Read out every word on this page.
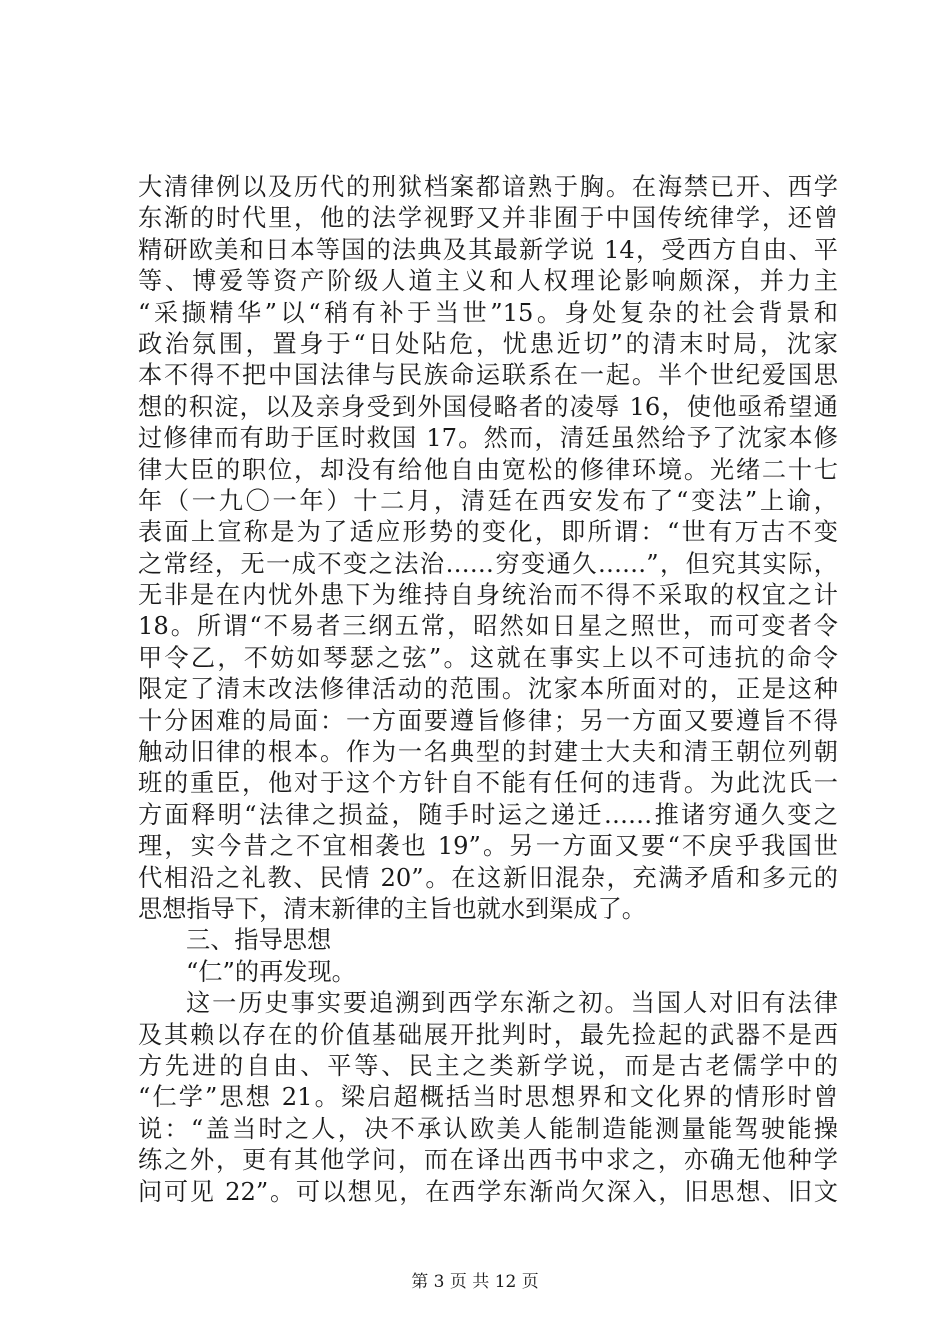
大清律例以及历代的刑狱档案都谙熟于胸。在海禁已开、西学
东渐的时代里，他的法学视野又并非囿于中国传统律学，还曾
精研欧美和日本等国的法典及其最新学说 14，受西方自由、平
等、博爱等资产阶级人道主义和人权理论影响颇深，并力主
“采撷精华”以“稍有补于当世”15。身处复杂的社会背景和
政治氛围，置身于“日处阽危，忧患近切”的清末时局，沈家
本不得不把中国法律与民族命运联系在一起。半个世纪爱国思
想的积淀，以及亲身受到外国侵略者的凌辱 16，使他亟希望通
过修律而有助于匡时救国 17。然而，清廷虽然给予了沈家本修
律大臣的职位，却没有给他自由宽松的修律环境。光绪二十七
年（一九〇一年）十二月，清廷在西安发布了“变法”上谕，
表面上宣称是为了适应形势的变化，即所谓：“世有万古不变
之常经，无一成不变之法治……穷变通久……”，但究其实际，
无非是在内忧外患下为维持自身统治而不得不采取的权宜之计
18。所谓“不易者三纲五常，昭然如日星之照世，而可变者令
甲令乙，不妨如琴瑟之弦”。这就在事实上以不可违抗的命令
限定了清末改法修律活动的范围。沈家本所面对的，正是这种
十分困难的局面：一方面要遵旨修律；另一方面又要遵旨不得
触动旧律的根本。作为一名典型的封建士大夫和清王朝位列朝
班的重臣，他对于这个方针自不能有任何的违背。为此沈氏一
方面释明“法律之损益，随手时运之递迁……推诸穷通久变之
理，实今昔之不宜相袭也 19”。另一方面又要“不戾乎我国世
代相沿之礼教、民情 20”。在这新旧混杂，充满矛盾和多元的
思想指导下，清末新律的主旨也就水到渠成了。
三、指导思想
“仁”的再发现。
这一历史事实要追溯到西学东渐之初。当国人对旧有法律
及其赖以存在的价值基础展开批判时，最先捡起的武器不是西
方先进的自由、平等、民主之类新学说，而是古老儒学中的
“仁学”思想 21。梁启超概括当时思想界和文化界的情形时曾
说：“盖当时之人，决不承认欧美人能制造能测量能驾驶能操
练之外，更有其他学问，而在译出西书中求之，亦确无他种学
问可见 22”。可以想见，在西学东渐尚欠深入，旧思想、旧文
第 3 页 共 12 页
